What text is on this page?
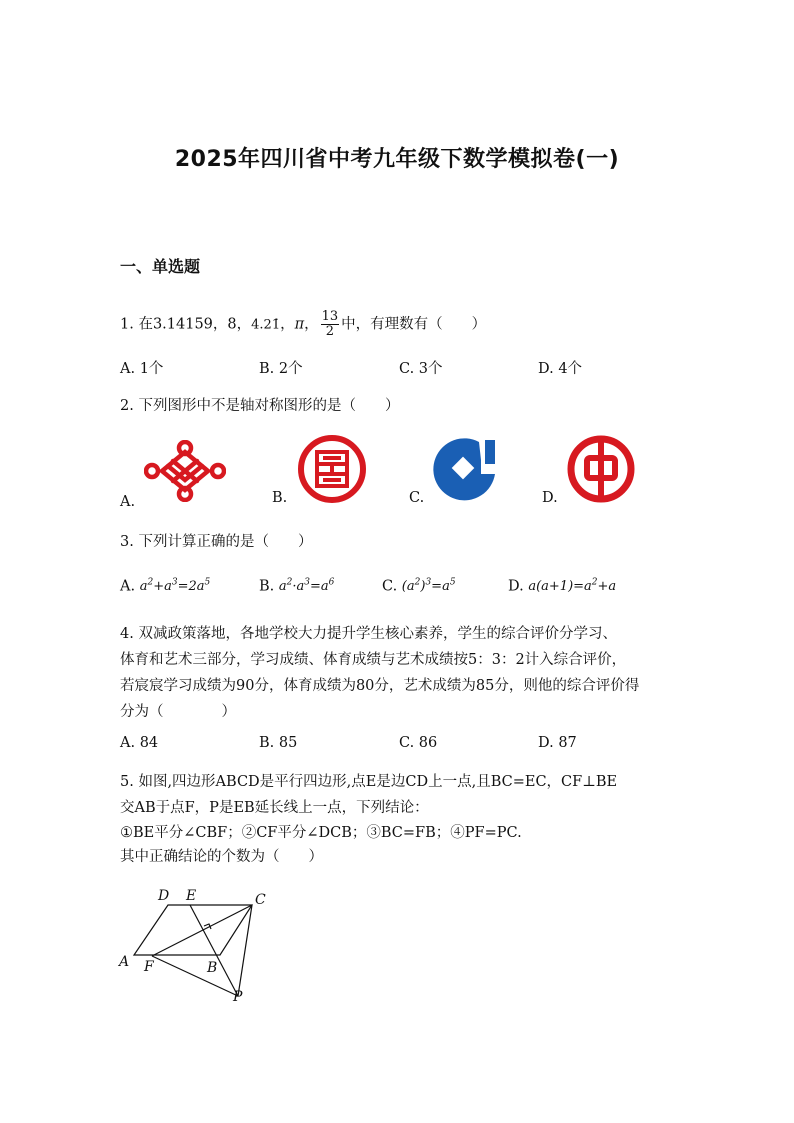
2025年四川省中考九年级下数学模拟卷(一)
一、单选题
1. 在3.14159，8，4.21̇，π， $\frac{13}{2}$ 中，有理数有（　　）
A. 1个	B. 2个	C. 3个	D. 4个
2. 下列图形中不是轴对称图形的是（　　）
A.	B.	C.	D.
3. 下列计算正确的是（　　）
A. $a^2+a^3=2a^5$	B. $a^2\cdot a^3=a^6$	C. $(a^2)^3=a^5$	D. $a(a+1)=a^2+a$
4. 双减政策落地，各地学校大力提升学生核心素养，学生的综合评价分学习、
体育和艺术三部分，学习成绩、体育成绩与艺术成绩按5：3：2计入综合评价，
若宸宸学习成绩为90分，体育成绩为80分，艺术成绩为85分，则他的综合评价得
分为（　　　　）
A. 84	B. 85	C. 86	D. 87
5. 如图,四边形ABCD是平行四边形,点E是边CD上一点,且BC=EC，CF⊥BE
交AB于点F，P是EB延长线上一点，下列结论：
①BE平分∠CBF；②CF平分∠DCB；③BC=FB；④PF=PC.
其中正确结论的个数为（　　）
D E	C
A F	B
P
